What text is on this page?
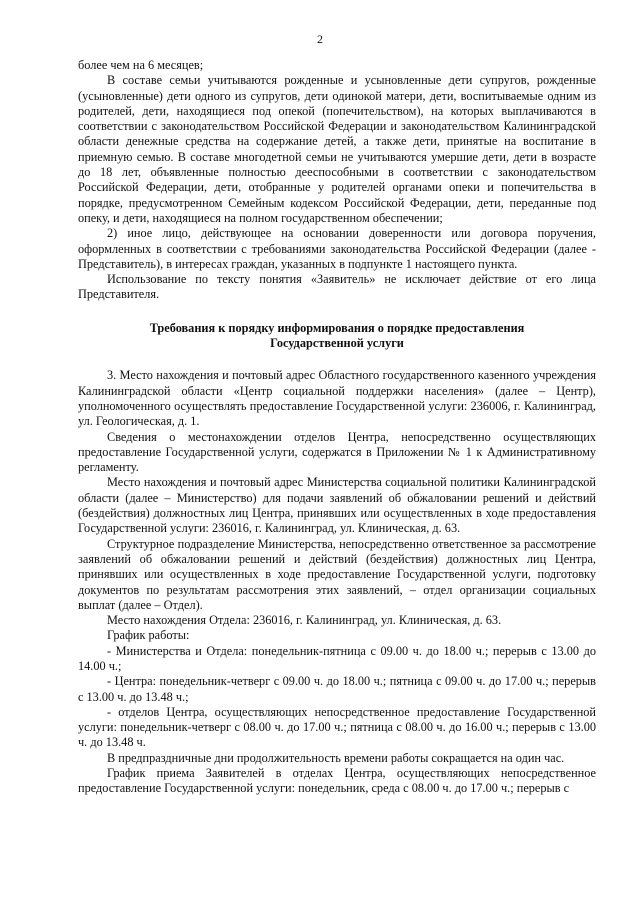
2

более чем на 6 месяцев;

В составе семьи учитываются рожденные и усыновленные дети супругов, рожденные (усыновленные) дети одного из супругов, дети одинокой матери, дети, воспитываемые одним из родителей, дети, находящиеся под опекой (попечительством), на которых выплачиваются в соответствии с законодательством Российской Федерации и законодательством Калининградской области денежные средства на содержание детей, а также дети, принятые на воспитание в приемную семью. В составе многодетной семьи не учитываются умершие дети, дети в возрасте до 18 лет, объявленные полностью дееспособными в соответствии с законодательством Российской Федерации, дети, отобранные у родителей органами опеки и попечительства в порядке, предусмотренном Семейным кодексом Российской Федерации, дети, переданные под опеку, и дети, находящиеся на полном государственном обеспечении;

2) иное лицо, действующее на основании доверенности или договора поручения, оформленных в соответствии с требованиями законодательства Российской Федерации (далее - Представитель), в интересах граждан, указанных в подпункте 1 настоящего пункта.

Использование по тексту понятия «Заявитель» не исключает действие от его лица Представителя.

Требования к порядку информирования о порядке предоставления
Государственной услуги

3. Место нахождения и почтовый адрес Областного государственного казенного учреждения Калининградской области «Центр социальной поддержки населения» (далее – Центр), уполномоченного осуществлять предоставление Государственной услуги: 236006, г. Калининград, ул. Геологическая, д. 1.

Сведения о местонахождении отделов Центра, непосредственно осуществляющих предоставление Государственной услуги, содержатся в Приложении № 1 к Административному регламенту.

Место нахождения и почтовый адрес Министерства социальной политики Калининградской области (далее – Министерство) для подачи заявлений об обжаловании решений и действий (бездействия) должностных лиц Центра, принявших или осуществленных в ходе предоставления Государственной услуги: 236016, г. Калининград, ул. Клиническая, д. 63.

Структурное подразделение Министерства, непосредственно ответственное за рассмотрение заявлений об обжаловании решений и действий (бездействия) должностных лиц Центра, принявших или осуществленных в ходе предоставление Государственной услуги, подготовку документов по результатам рассмотрения этих заявлений, – отдел организации социальных выплат (далее – Отдел).

Место нахождения Отдела: 236016, г. Калининград, ул. Клиническая, д. 63.

График работы:

- Министерства и Отдела: понедельник-пятница с 09.00 ч. до 18.00 ч.; перерыв с 13.00 до 14.00 ч.;

- Центра: понедельник-четверг с 09.00 ч. до 18.00 ч.; пятница с 09.00 ч. до 17.00 ч.; перерыв с 13.00 ч. до 13.48 ч.;

- отделов Центра, осуществляющих непосредственное предоставление Государственной услуги: понедельник-четверг с 08.00 ч. до 17.00 ч.; пятница с 08.00 ч. до 16.00 ч.; перерыв с 13.00 ч. до 13.48 ч.

В предпраздничные дни продолжительность времени работы сокращается на один час.

График приема Заявителей в отделах Центра, осуществляющих непосредственное предоставление Государственной услуги: понедельник, среда с 08.00 ч. до 17.00 ч.; перерыв с
